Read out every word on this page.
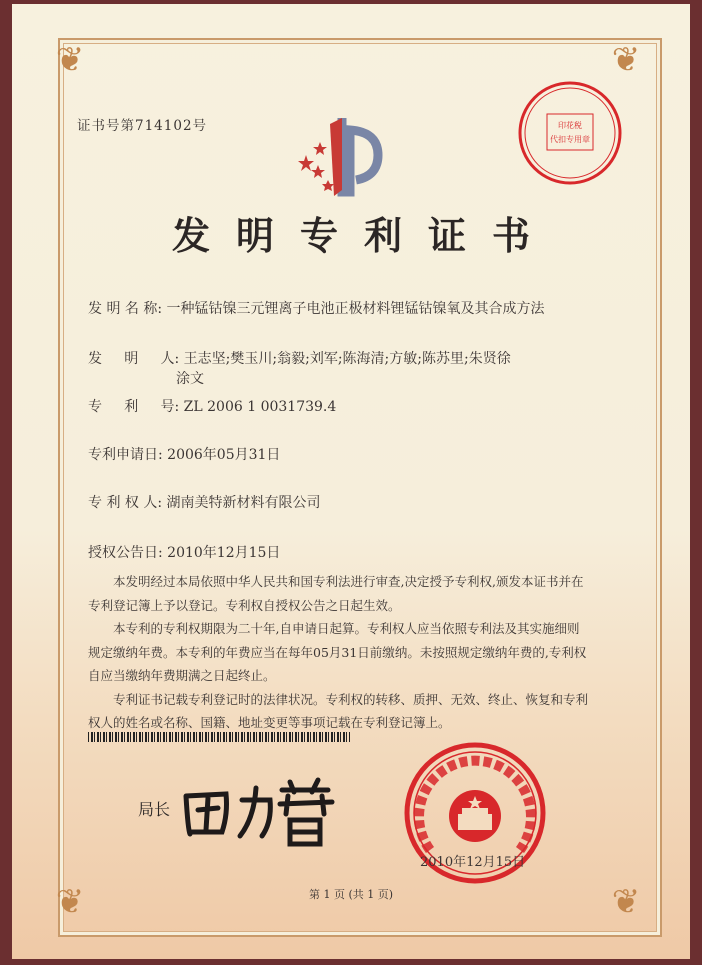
❦	❦
❦	❦
证书号第714102号	印花税
代扣专用章
发明专利证书
发 明 名 称: 一种锰钴镍三元锂离子电池正极材料锂锰钴镍氧及其合成方法
发     明     人: 王志坚;樊玉川;翁毅;刘军;陈海清;方敏;陈苏里;朱贤徐
涂文
专     利     号: ZL 2006 1 0031739.4
专利申请日: 2006年05月31日
专 利 权 人: 湖南美特新材料有限公司
授权公告日: 2010年12月15日

本发明经过本局依照中华人民共和国专利法进行审查,决定授予专利权,颁发本证书并在专利登记簿上予以登记。专利权自授权公告之日起生效。

本专利的专利权期限为二十年,自申请日起算。专利权人应当依照专利法及其实施细则规定缴纳年费。本专利的年费应当在每年05月31日前缴纳。未按照规定缴纳年费的,专利权自应当缴纳年费期满之日起终止。

专利证书记载专利登记时的法律状况。专利权的转移、质押、无效、终止、恢复和专利权人的姓名或名称、国籍、地址变更等事项记载在专利登记簿上。

局长
2010年12月15日
第 1 页 (共 1 页)
